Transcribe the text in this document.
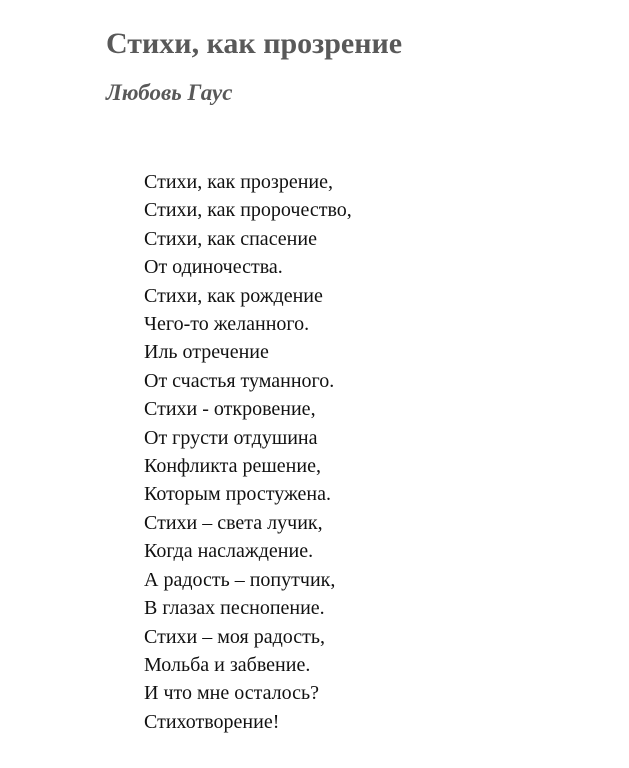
Стихи, как прозрение
Любовь Гаус
Стихи, как прозрение,
Стихи, как пророчество,
Стихи, как спасение
От одиночества.
Стихи, как рождение
Чего-то желанного.
Иль отречение
От счастья туманного.
Стихи - откровение,
От грусти отдушина
Конфликта решение,
Которым простужена.
Стихи – света лучик,
Когда наслаждение.
А радость – попутчик,
В глазах песнопение.
Стихи – моя радость,
Мольба и забвение.
И что мне осталось?
Стихотворение!
